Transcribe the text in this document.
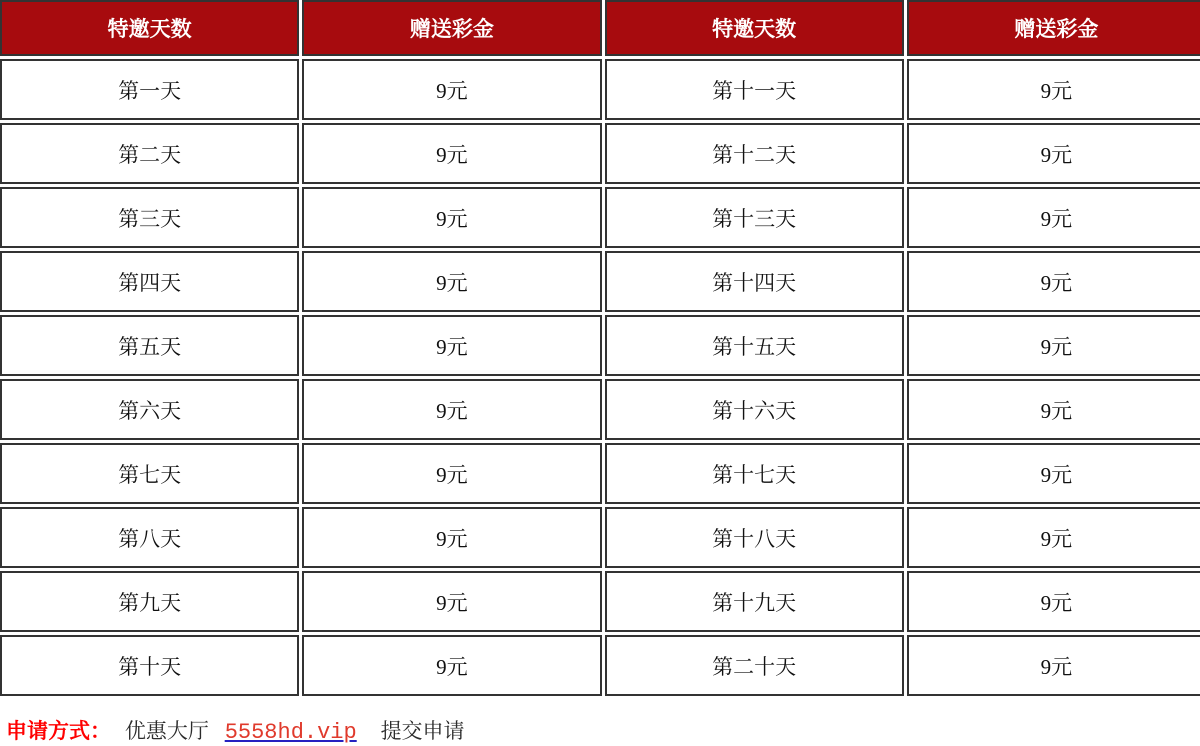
特邀天数	赠送彩金	特邀天数	赠送彩金
第一天	9元	第十一天	9元
第二天	9元	第十二天	9元
第三天	9元	第十三天	9元
第四天	9元	第十四天	9元
第五天	9元	第十五天	9元
第六天	9元	第十六天	9元
第七天	9元	第十七天	9元
第八天	9元	第十八天	9元
第九天	9元	第十九天	9元
第十天	9元	第二十天	9元
申请方式： 优惠大厅 5558hd.vip 提交申请
